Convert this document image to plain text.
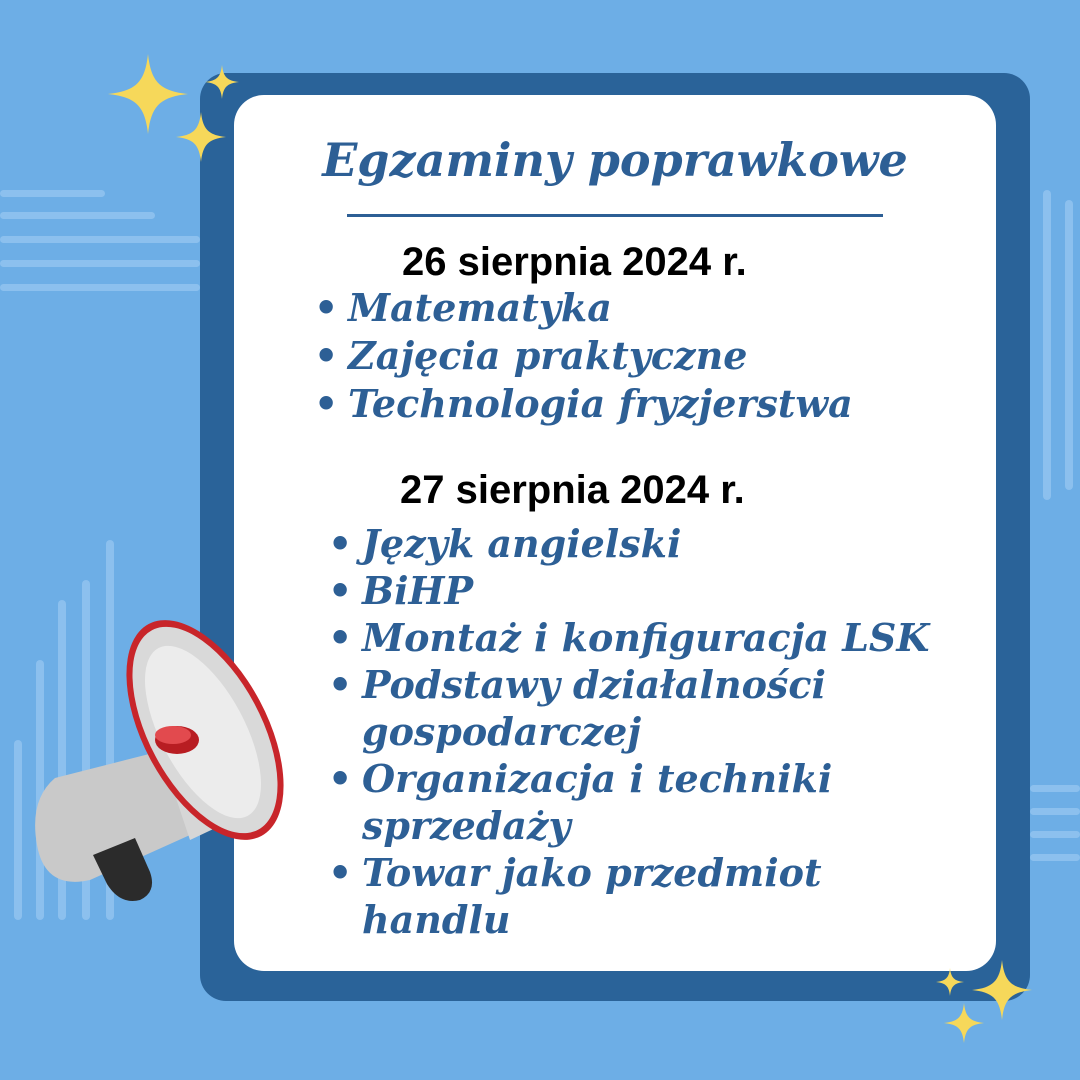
Egzaminy poprawkowe
26 sierpnia 2024 r.
• Matematyka
• Zajęcia praktyczne
• Technologia fryzjerstwa
27 sierpnia 2024 r.
• Język angielski
• BiHP
• Montaż i konfiguracja LSK
• Podstawy działalności gospodarczej
• Organizacja i techniki sprzedaży
• Towar jako przedmiot handlu
